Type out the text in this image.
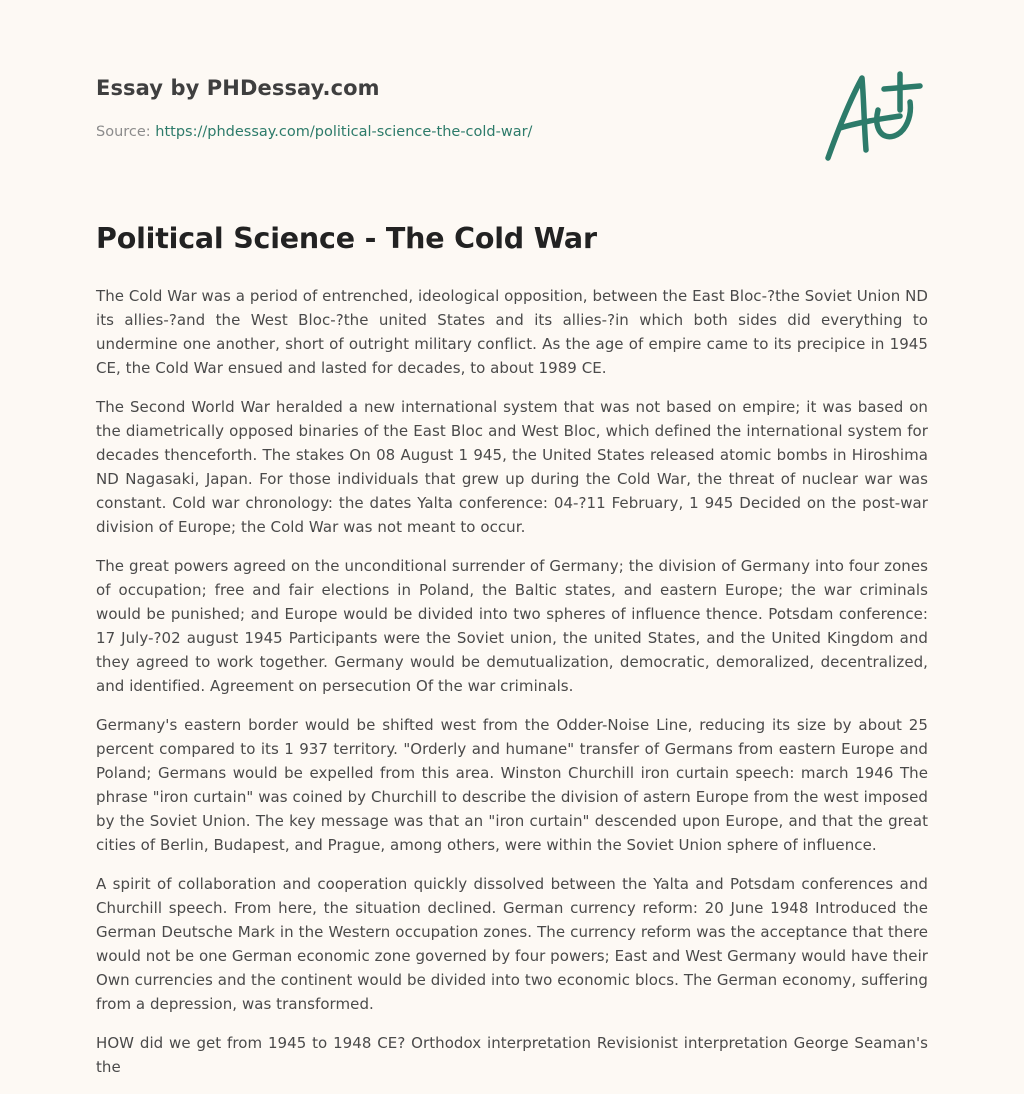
Essay by PHDessay.com
Source: https://phdessay.com/political-science-the-cold-war/
Political Science - The Cold War

The Cold War was a period of entrenched, ideological opposition, between the East Bloc-?the Soviet Union ND its allies-?and the West Bloc-?the united States and its allies-?in which both sides did everything to undermine one another, short of outright military conflict. As the age of empire came to its precipice in 1945 CE, the Cold War ensued and lasted for decades, to about 1989 CE.

The Second World War heralded a new international system that was not based on empire; it was based on the diametrically opposed binaries of the East Bloc and West Bloc, which defined the international system for decades thenceforth. The stakes On 08 August 1 945, the United States released atomic bombs in Hiroshima ND Nagasaki, Japan. For those individuals that grew up during the Cold War, the threat of nuclear war was constant. Cold war chronology: the dates Yalta conference: 04-?11 February, 1 945 Decided on the post-war division of Europe; the Cold War was not meant to occur.

The great powers agreed on the unconditional surrender of Germany; the division of Germany into four zones of occupation; free and fair elections in Poland, the Baltic states, and eastern Europe; the war criminals would be punished; and Europe would be divided into two spheres of influence thence. Potsdam conference: 17 July-?02 august 1945 Participants were the Soviet union, the united States, and the United Kingdom and they agreed to work together. Germany would be demutualization, democratic, demoralized, decentralized, and identified. Agreement on persecution Of the war criminals.

Germany's eastern border would be shifted west from the Odder-Noise Line, reducing its size by about 25 percent compared to its 1 937 territory. "Orderly and humane" transfer of Germans from eastern Europe and Poland; Germans would be expelled from this area. Winston Churchill iron curtain speech: march 1946 The phrase "iron curtain" was coined by Churchill to describe the division of astern Europe from the west imposed by the Soviet Union. The key message was that an "iron curtain" descended upon Europe, and that the great cities of Berlin, Budapest, and Prague, among others, were within the Soviet Union sphere of influence.

A spirit of collaboration and cooperation quickly dissolved between the Yalta and Potsdam conferences and Churchill speech. From here, the situation declined. German currency reform: 20 June 1948 Introduced the German Deutsche Mark in the Western occupation zones. The currency reform was the acceptance that there would not be one German economic zone governed by four powers; East and West Germany would have their Own currencies and the continent would be divided into two economic blocs. The German economy, suffering from a depression, was transformed.

HOW did we get from 1945 to 1948 CE? Orthodox interpretation Revisionist interpretation George Seaman's the
